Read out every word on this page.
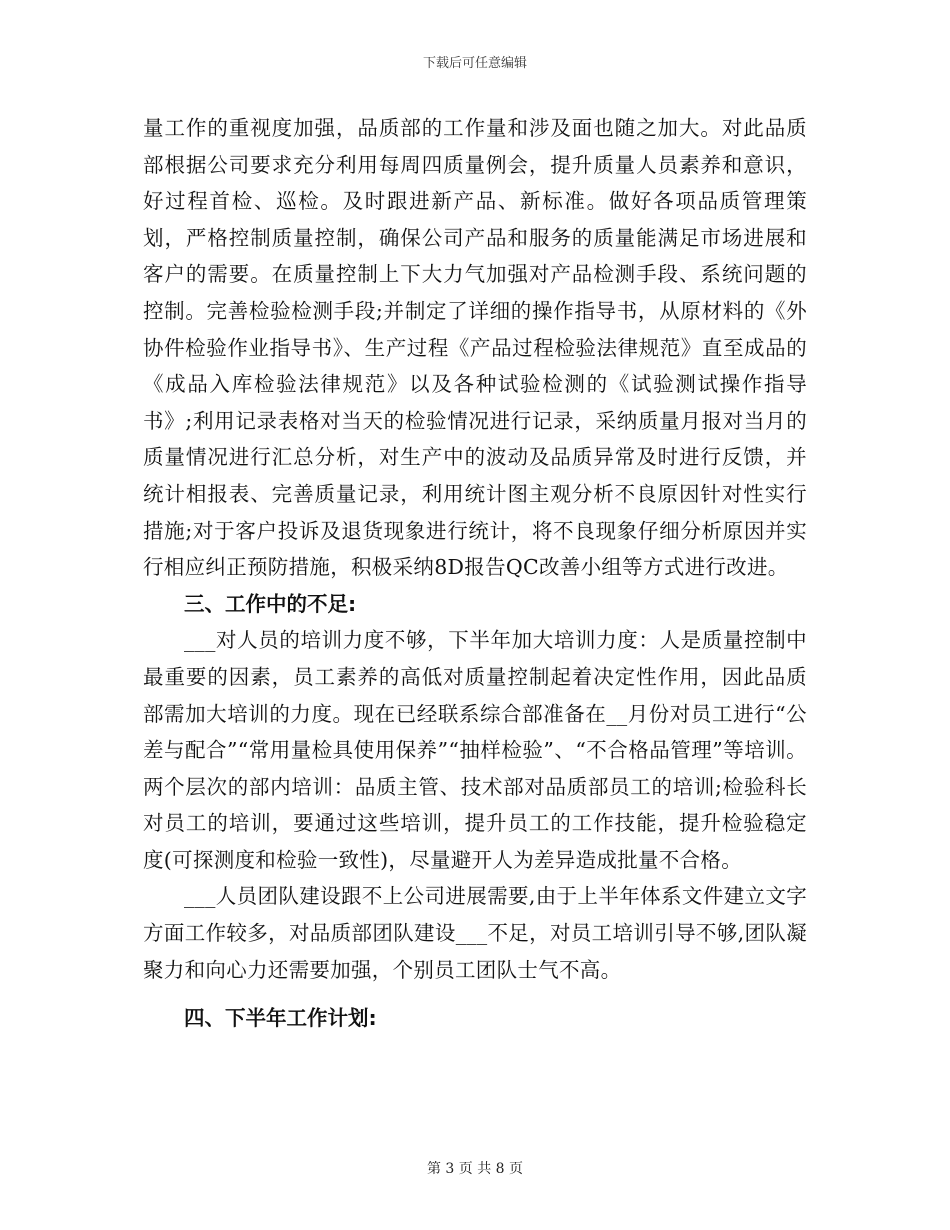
下载后可任意编辑

量工作的重视度加强，品质部的工作量和涉及面也随之加大。对此品质部根据公司要求充分利用每周四质量例会，提升质量人员素养和意识，好过程首检、巡检。及时跟进新产品、新标准。做好各项品质管理策划，严格控制质量控制，确保公司产品和服务的质量能满足市场进展和客户的需要。在质量控制上下大力气加强对产品检测手段、系统问题的控制。完善检验检测手段;并制定了详细的操作指导书，从原材料的《外协件检验作业指导书》、生产过程《产品过程检验法律规范》直至成品的《成品入库检验法律规范》以及各种试验检测的《试验测试操作指导书》;利用记录表格对当天的检验情况进行记录，采纳质量月报对当月的质量情况进行汇总分析，对生产中的波动及品质异常及时进行反馈，并统计相报表、完善质量记录，利用统计图主观分析不良原因针对性实行措施;对于客户投诉及退货现象进行统计，将不良现象仔细分析原因并实行相应纠正预防措施，积极采纳8D报告QC改善小组等方式进行改进。

三、工作中的不足:

___对人员的培训力度不够，下半年加大培训力度：人是质量控制中最重要的因素，员工素养的高低对质量控制起着决定性作用，因此品质部需加大培训的力度。现在已经联系综合部准备在__月份对员工进行“公差与配合”“常用量检具使用保养”“抽样检验”、“不合格品管理”等培训。两个层次的部内培训：品质主管、技术部对品质部员工的培训;检验科长对员工的培训，要通过这些培训，提升员工的工作技能，提升检验稳定度(可探测度和检验一致性)，尽量避开人为差异造成批量不合格。

___人员团队建设跟不上公司进展需要,由于上半年体系文件建立文字方面工作较多，对品质部团队建设___不足，对员工培训引导不够,团队凝聚力和向心力还需要加强，个别员工团队士气不高。

四、下半年工作计划:

第 3 页 共 8 页
